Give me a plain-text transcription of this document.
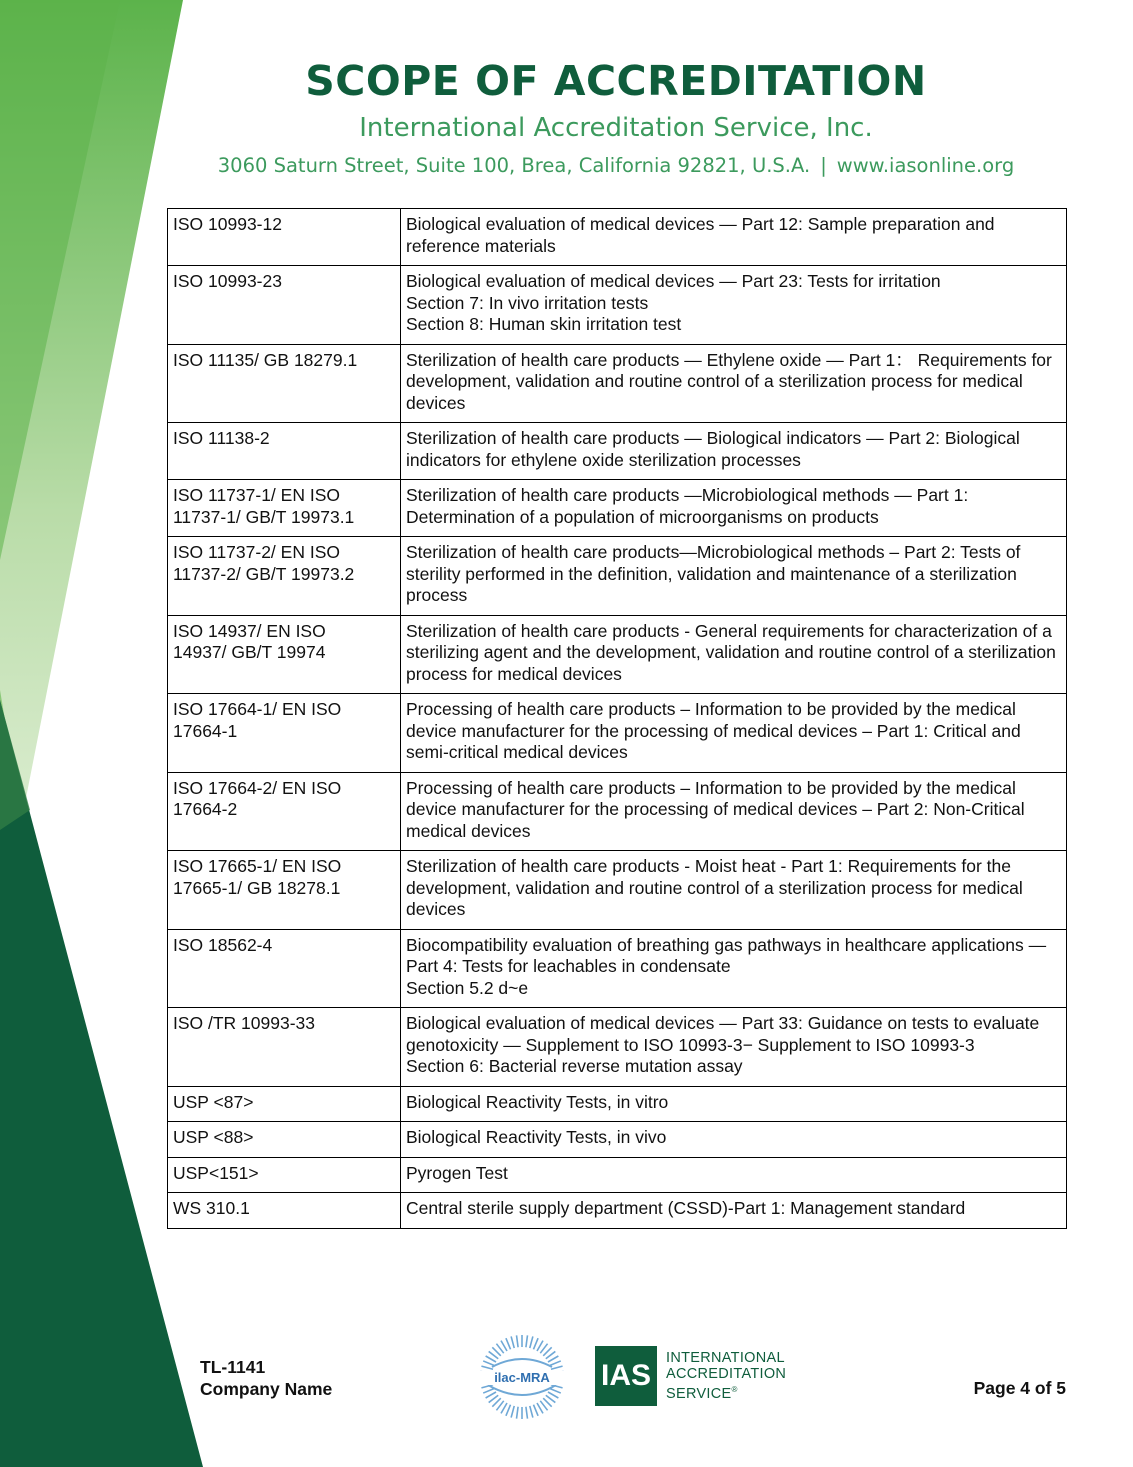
SCOPE OF ACCREDITATION
International Accreditation Service, Inc.
3060 Saturn Street, Suite 100, Brea, California 92821, U.S.A. | www.iasonline.org
ISO 10993-12	Biological evaluation of medical devices — Part 12: Sample preparation and reference materials

ISO 10993-23	Biological evaluation of medical devices — Part 23: Tests for irritation
Section 7: In vivo irritation tests
Section 8: Human skin irritation test

ISO 11135/ GB 18279.1	Sterilization of health care products — Ethylene oxide — Part 1： Requirements for development, validation and routine control of a sterilization process for medical devices

ISO 11138-2	Sterilization of health care products — Biological indicators — Part 2: Biological indicators for ethylene oxide sterilization processes

ISO 11737-1/ EN ISO
11737-1/ GB/T 19973.1	Sterilization of health care products —Microbiological methods — Part 1: Determination of a population of microorganisms on products

ISO 11737-2/ EN ISO
11737-2/ GB/T 19973.2	Sterilization of health care products—Microbiological methods – Part 2: Tests of sterility performed in the definition, validation and maintenance of a sterilization process

ISO 14937/ EN ISO
14937/ GB/T 19974	Sterilization of health care products - General requirements for characterization of a sterilizing agent and the development, validation and routine control of a sterilization process for medical devices

ISO 17664-1/ EN ISO
17664-1	Processing of health care products – Information to be provided by the medical device manufacturer for the processing of medical devices – Part 1: Critical and semi-critical medical devices

ISO 17664-2/ EN ISO
17664-2	Processing of health care products – Information to be provided by the medical device manufacturer for the processing of medical devices – Part 2: Non-Critical medical devices

ISO 17665-1/ EN ISO
17665-1/ GB 18278.1	Sterilization of health care products - Moist heat - Part 1: Requirements for the development, validation and routine control of a sterilization process for medical devices

ISO 18562-4	Biocompatibility evaluation of breathing gas pathways in healthcare applications — Part 4: Tests for leachables in condensate
Section 5.2 d~e

ISO /TR 10993-33	Biological evaluation of medical devices — Part 33: Guidance on tests to evaluate genotoxicity — Supplement to ISO 10993-3− Supplement to ISO 10993-3
Section 6: Bacterial reverse mutation assay

USP <87>	Biological Reactivity Tests, in vitro

USP <88>	Biological Reactivity Tests, in vivo

USP<151>	Pyrogen Test

WS 310.1	Central sterile supply department (CSSD)-Part 1: Management standard
TL-1141
Company Name
ilac-MRA IAS
INTERNATIONAL
ACCREDITATION
SERVICE®	Page 4 of 5
